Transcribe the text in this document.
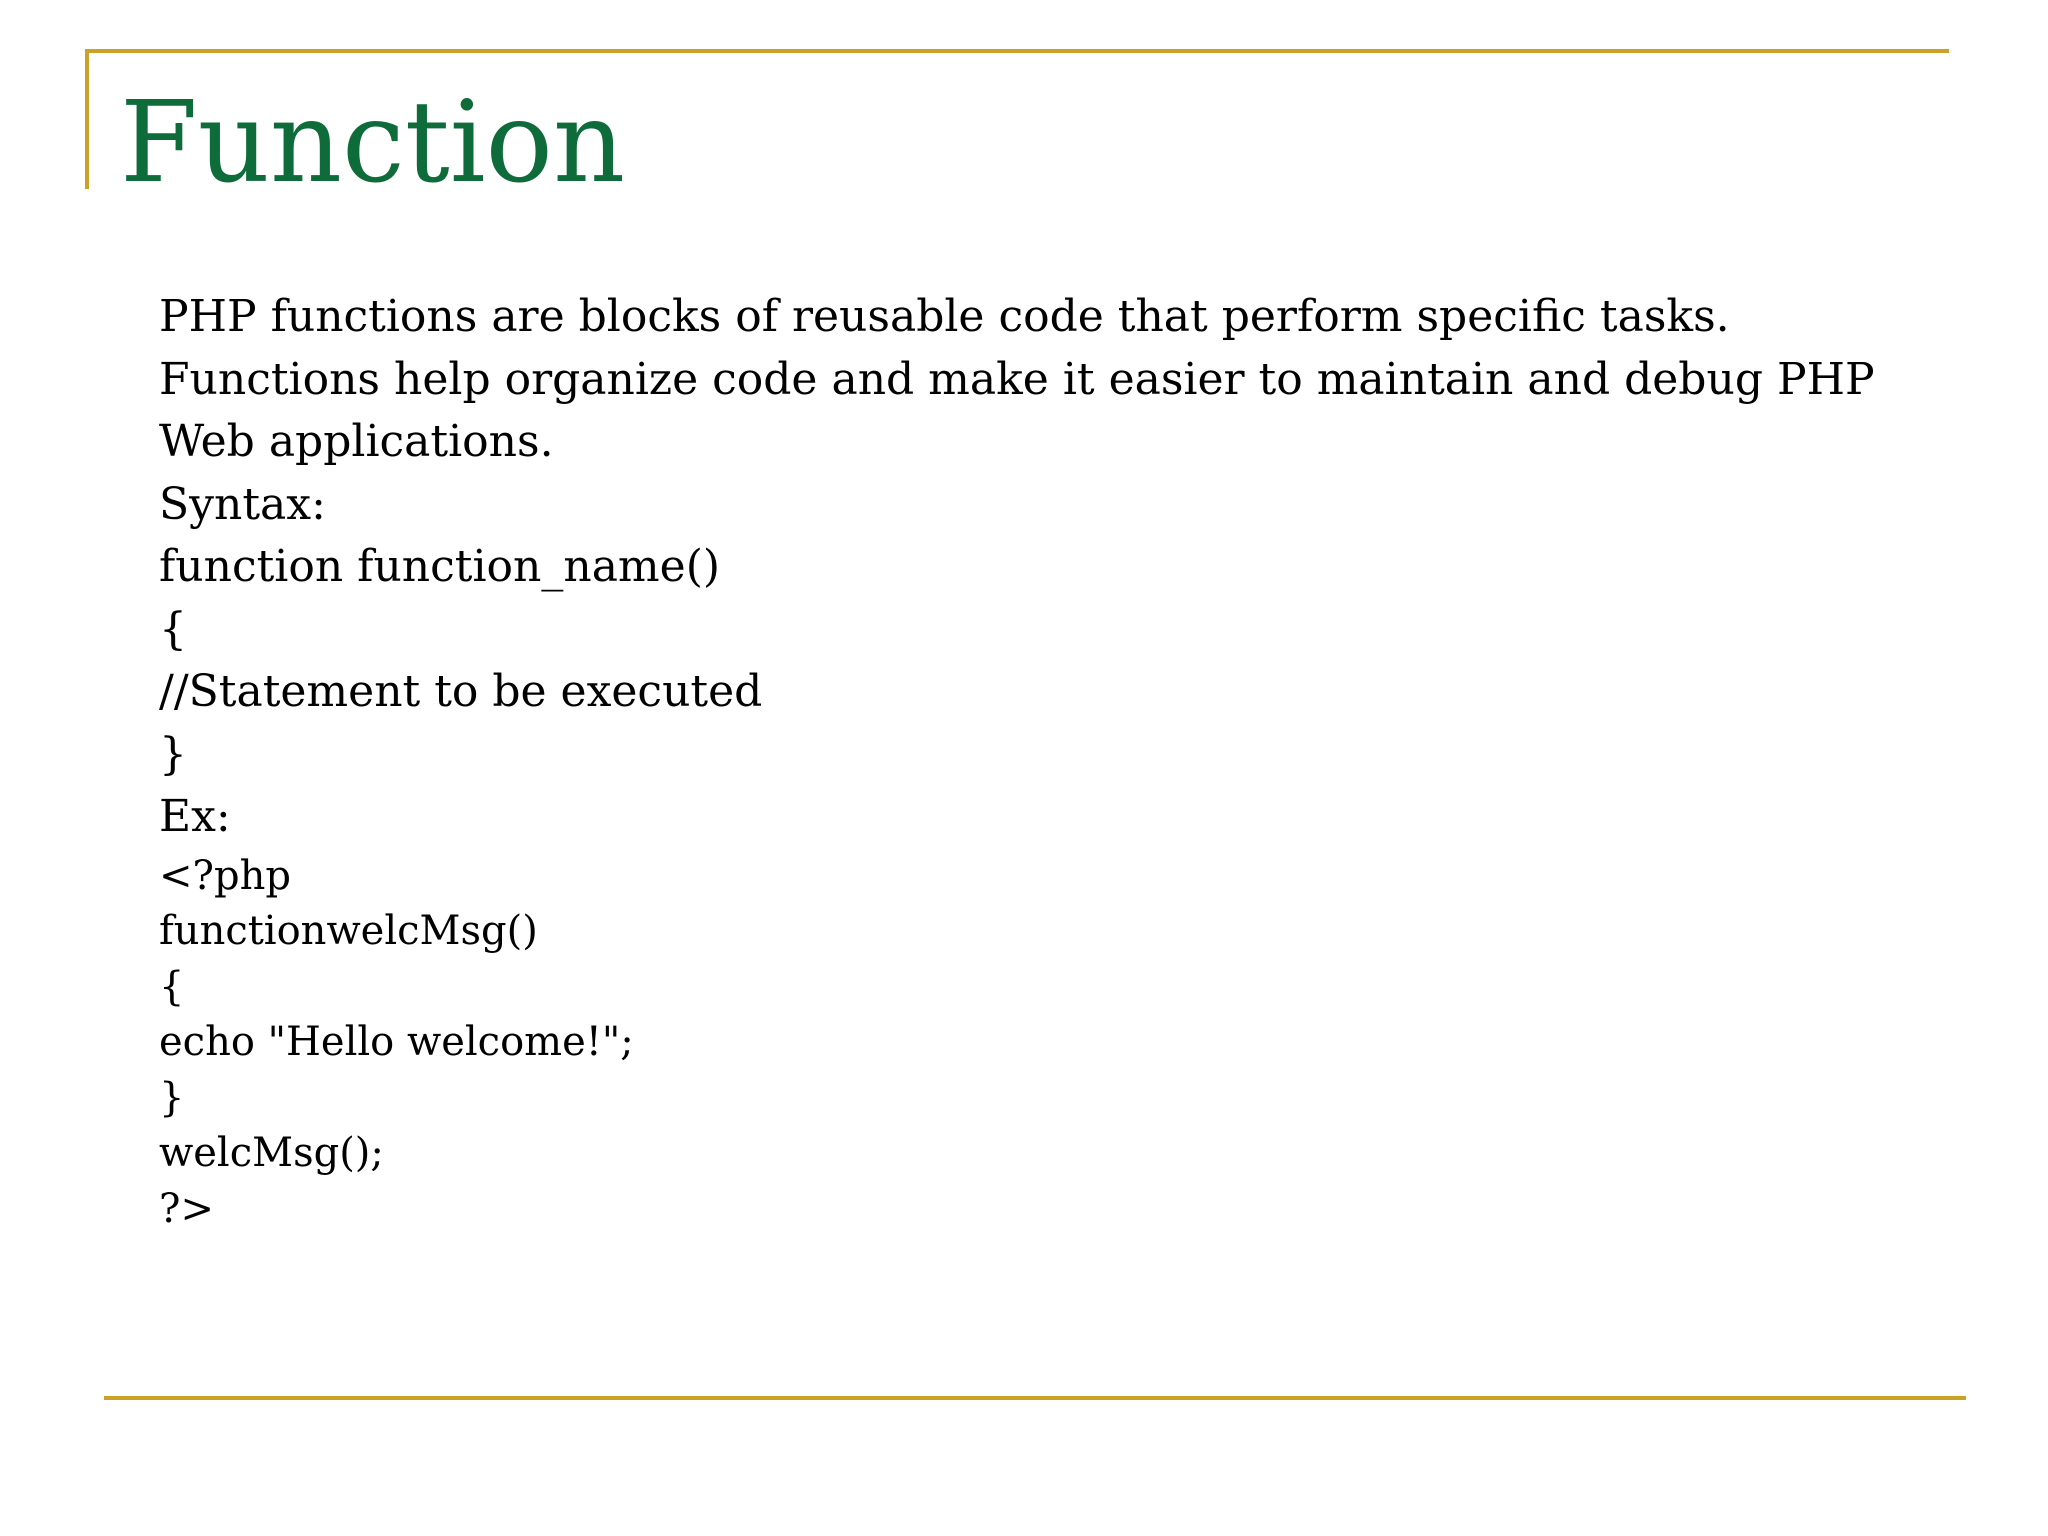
Function
PHP functions are blocks of reusable code that perform specific tasks.
Functions help organize code and make it easier to maintain and debug PHP
Web applications.
Syntax:
function function_name()
{
//Statement to be executed
}
Ex:
<?php
functionwelcMsg()
{
echo "Hello welcome!";
}
welcMsg();
?>
